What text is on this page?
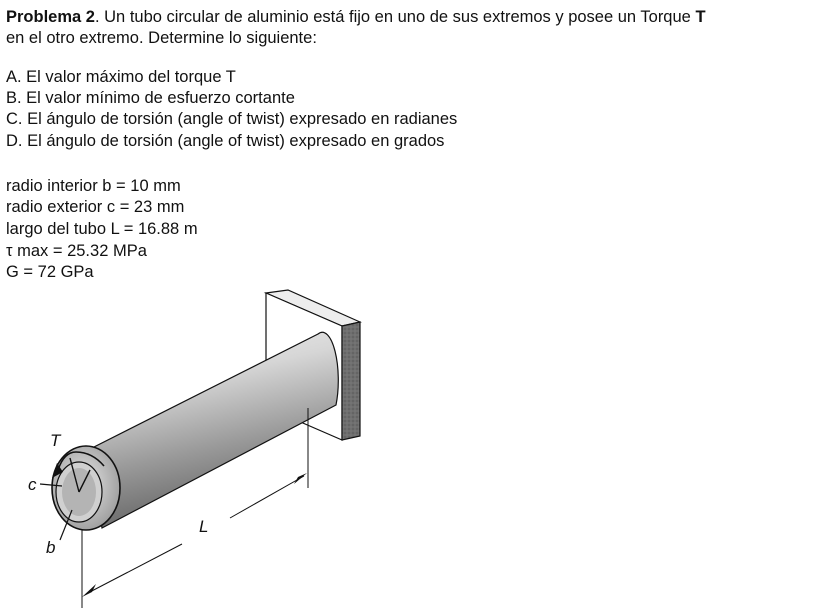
Problema 2. Un tubo circular de aluminio está fijo en uno de sus extremos y posee un Torque T
en el otro extremo. Determine lo siguiente:
A. El valor máximo del torque T
B. El valor mínimo de esfuerzo cortante
C. El ángulo de torsión (angle of twist) expresado en radianes
D. El ángulo de torsión (angle of twist) expresado en grados
radio interior b = 10 mm
radio exterior c = 23 mm
largo del tubo L = 16.88 m
τ max = 25.32 MPa
G = 72 GPa
T
c
b
L
